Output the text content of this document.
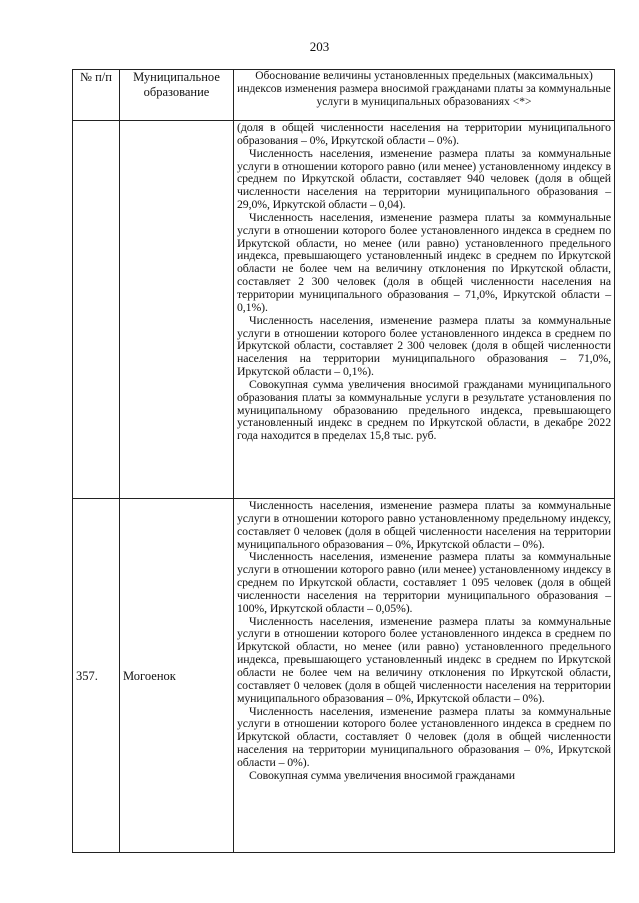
203
№ п/п	Муниципальное образование	Обоснование величины установленных предельных (максимальных) индексов изменения размера вносимой гражданами платы за коммунальные услуги в муниципальных образованиях <*>

		(доля в общей численности населения на территории муниципального образования – 0%, Иркутской области – 0%).

Численность населения, изменение размера платы за коммунальные услуги в отношении которого равно (или менее) установленному индексу в среднем по Иркутской области, составляет 940 человек (доля в общей численности населения на территории муниципального образования – 29,0%, Иркутской области – 0,04).

Численность населения, изменение размера платы за коммунальные услуги в отношении которого более установленного индекса в среднем по Иркутской области, но менее (или равно) установленного предельного индекса, превышающего установленный индекс в среднем по Иркутской области не более чем на величину отклонения по Иркутской области, составляет 2 300 человек (доля в общей численности населения на территории муниципального образования – 71,0%, Иркутской области – 0,1%).

Численность населения, изменение размера платы за коммунальные услуги в отношении которого более установленного индекса в среднем по Иркутской области, составляет 2 300 человек (доля в общей численности населения на территории муниципального образования – 71,0%, Иркутской области – 0,1%).

Совокупная сумма увеличения вносимой гражданами муниципального образования платы за коммунальные услуги в результате установления по муниципальному образованию предельного индекса, превышающего установленный индекс в среднем по Иркутской области, в декабре 2022 года находится в пределах 15,8 тыс. руб.

357.	Могоенок	Численность населения, изменение размера платы за коммунальные услуги в отношении которого равно установленному предельному индексу, составляет 0 человек (доля в общей численности населения на территории муниципального образования – 0%, Иркутской области – 0%).

Численность населения, изменение размера платы за коммунальные услуги в отношении которого равно (или менее) установленному индексу в среднем по Иркутской области, составляет 1 095 человек (доля в общей численности населения на территории муниципального образования – 100%, Иркутской области – 0,05%).

Численность населения, изменение размера платы за коммунальные услуги в отношении которого более установленного индекса в среднем по Иркутской области, но менее (или равно) установленного предельного индекса, превышающего установленный индекс в среднем по Иркутской области не более чем на величину отклонения по Иркутской области, составляет 0 человек (доля в общей численности населения на территории муниципального образования – 0%, Иркутской области – 0%).

Численность населения, изменение размера платы за коммунальные услуги в отношении которого более установленного индекса в среднем по Иркутской области, составляет 0 человек (доля в общей численности населения на территории муниципального образования – 0%, Иркутской области – 0%).

Совокупная сумма увеличения вносимой гражданами
